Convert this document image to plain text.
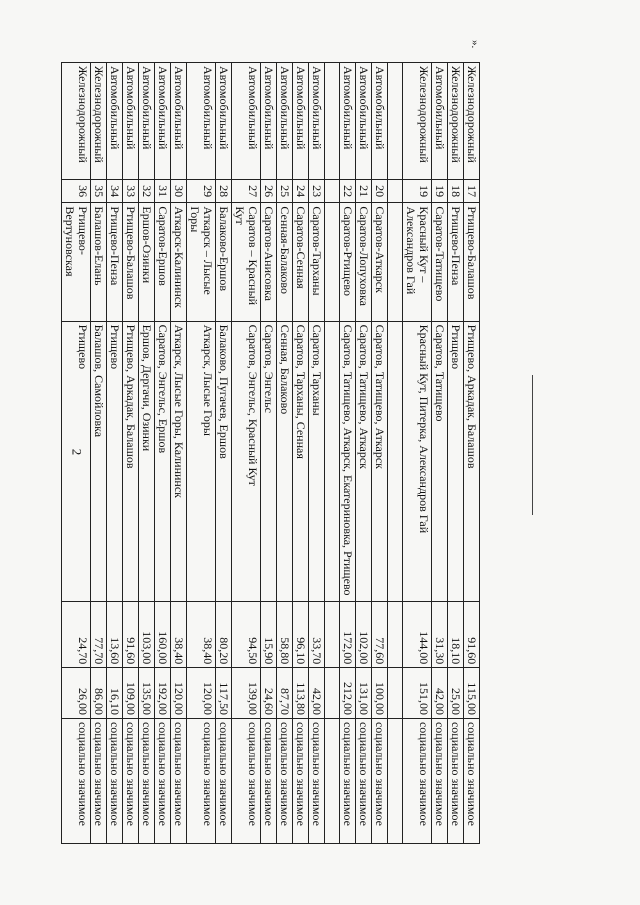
2
».
Железнодорожный	17	Ртищево-Балашов	Ртищево, Аркадак, Балашов	91,60	115,00	социально значимое
Железнодорожный	18	Ртищево-Пенза	Ртищево	18,10	25,00	социально значимое
Автомобильный	19	Саратов-Татищево	Саратов, Татищево	31,30	42,00	социально значимое
Железнодорожный	19	Красный Кут – Александров Гай	Красный Кут, Питерка, Александров Гай	144,00	151,00	социально значимое

Автомобильный	20	Саратов-Аткарск	Саратов, Татищево, Аткарск	77,60	100,00	социально значимое
Автомобильный	21	Саратов-Лопуховка	Саратов, Татищево, Аткарск	102,00	131,00	социально значимое
Автомобильный	22	Саратов-Ртищево	Саратов, Татищево, Аткарск, Екатериновка, Ртищево	172,00	212,00	социально значимое

Автомобильный	23	Саратов-Тарханы	Саратов, Тарханы	33,70	42,00	социально значимое
Автомобильный	24	Саратов-Сенная	Саратов, Тарханы, Сенная	96,10	113,80	социально значимое
Автомобильный	25	Сенная-Балаково	Сенная, Балаково	58,80	87,70	социально значимое
Автомобильный	26	Саратов-Анисовка	Саратов, Энгельс	15,90	24,60	социально значимое
Автомобильный	27	Саратов – Красный Кут	Саратов, Энгельс, Красный Кут	94,50	139,00	социально значимое
Автомобильный	28	Балаково-Ершов	Балаково, Пугачев, Ершов	80,20	117,50	социально значимое
Автомобильный	29	Аткарск – Лысые Горы	Аткарск, Лысые Горы	38,40	120,00	социально значимое
Автомобильный	30	Аткарск-Калининск	Аткарск, Лысые Горы, Калининск	38,40	120,00	социально значимое
Автомобильный	31	Саратов-Ершов	Саратов, Энгельс, Ершов	160,00	192,00	социально значимое
Автомобильный	32	Ершов-Озинки	Ершов, Дергачи, Озинки	103,00	135,00	социально значимое
Автомобильный	33	Ртищево-Балашов	Ртищево, Аркадак, Балашов	91,60	109,00	социально значимое
Автомобильный	34	Ртищево-Пенза	Ртищево	13,60	16,10	социально значимое
Железнодорожный	35	Балашов-Елань	Балашов, Самойловка	77,70	86,00	социально значимое
Железнодорожный	36	Ртищево-Вертуновская	Ртищево	24,70	26,00	социально значимое
